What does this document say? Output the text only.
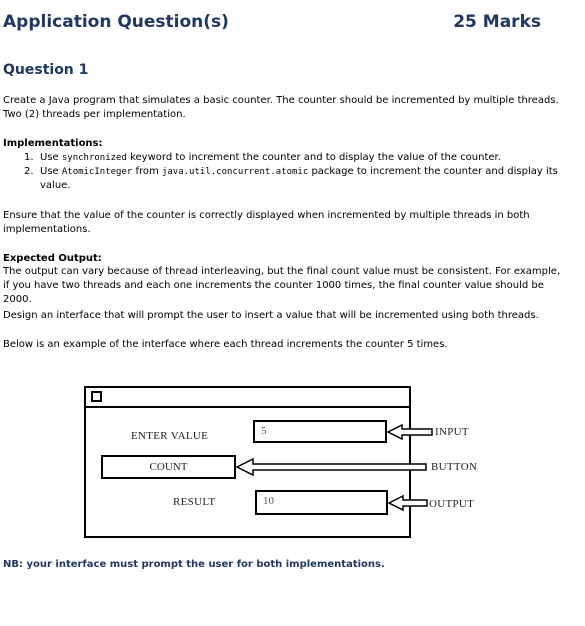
Application Question(s)	25 Marks
Question 1
Create a Java program that simulates a basic counter. The counter should be incremented by multiple threads. Two (2) threads per implementation.
Implementations:
1. Use synchronized keyword to increment the counter and to display the value of the counter.
2. Use AtomicInteger from java.util.concurrent.atomic package to increment the counter and display its value.
Ensure that the value of the counter is correctly displayed when incremented by multiple threads in both implementations.
Expected Output:
The output can vary because of thread interleaving, but the final count value must be consistent. For example, if you have two threads and each one increments the counter 1000 times, the final counter value should be 2000.
Design an interface that will prompt the user to insert a value that will be incremented using both threads.
Below is an example of the interface where each thread increments the counter 5 times.
ENTER VALUE	5
COUNT
RESULT	10
INPUT
BUTTON
OUTPUT
NB: your interface must prompt the user for both implementations.
